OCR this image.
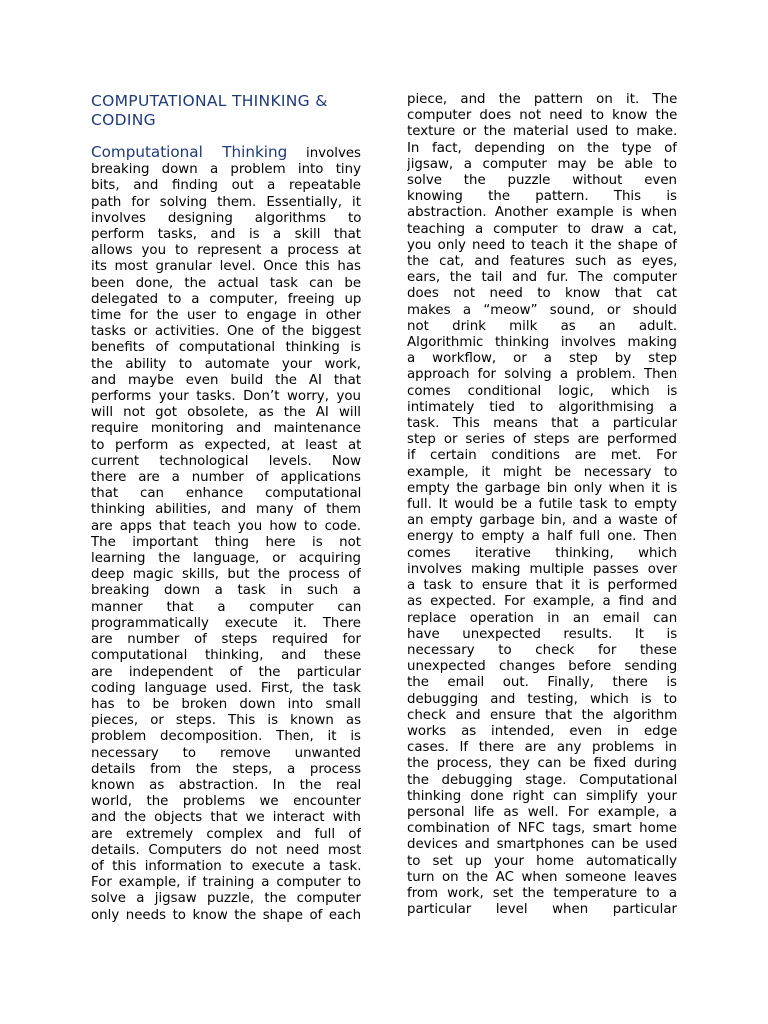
COMPUTATIONAL THINKING & CODING
Computational Thinking involves
breaking down a problem into tiny
bits, and finding out a repeatable
path for solving them. Essentially, it
involves designing algorithms to
perform tasks, and is a skill that
allows you to represent a process at
its most granular level. Once this has
been done, the actual task can be
delegated to a computer, freeing up
time for the user to engage in other
tasks or activities. One of the biggest
benefits of computational thinking is
the ability to automate your work,
and maybe even build the AI that
performs your tasks. Don’t worry, you
will not got obsolete, as the AI will
require monitoring and maintenance
to perform as expected, at least at
current technological levels. Now
there are a number of applications
that can enhance computational
thinking abilities, and many of them
are apps that teach you how to code.
The important thing here is not
learning the language, or acquiring
deep magic skills, but the process of
breaking down a task in such a
manner that a computer can
programmatically execute it. There
are number of steps required for
computational thinking, and these
are independent of the particular
coding language used. First, the task
has to be broken down into small
pieces, or steps. This is known as
problem decomposition. Then, it is
necessary to remove unwanted
details from the steps, a process
known as abstraction. In the real
world, the problems we encounter
and the objects that we interact with
are extremely complex and full of
details. Computers do not need most
of this information to execute a task.
For example, if training a computer to
solve a jigsaw puzzle, the computer
only needs to know the shape of each
piece, and the pattern on it. The
computer does not need to know the
texture or the material used to make.
In fact, depending on the type of
jigsaw, a computer may be able to
solve the puzzle without even
knowing the pattern. This is
abstraction. Another example is when
teaching a computer to draw a cat,
you only need to teach it the shape of
the cat, and features such as eyes,
ears, the tail and fur. The computer
does not need to know that cat
makes a “meow” sound, or should
not drink milk as an adult.
Algorithmic thinking involves making
a workflow, or a step by step
approach for solving a problem. Then
comes conditional logic, which is
intimately tied to algorithmising a
task. This means that a particular
step or series of steps are performed
if certain conditions are met. For
example, it might be necessary to
empty the garbage bin only when it is
full. It would be a futile task to empty
an empty garbage bin, and a waste of
energy to empty a half full one. Then
comes iterative thinking, which
involves making multiple passes over
a task to ensure that it is performed
as expected. For example, a find and
replace operation in an email can
have unexpected results. It is
necessary to check for these
unexpected changes before sending
the email out. Finally, there is
debugging and testing, which is to
check and ensure that the algorithm
works as intended, even in edge
cases. If there are any problems in
the process, they can be fixed during
the debugging stage. Computational
thinking done right can simplify your
personal life as well. For example, a
combination of NFC tags, smart home
devices and smartphones can be used
to set up your home automatically
turn on the AC when someone leaves
from work, set the temperature to a
particular level when particular
